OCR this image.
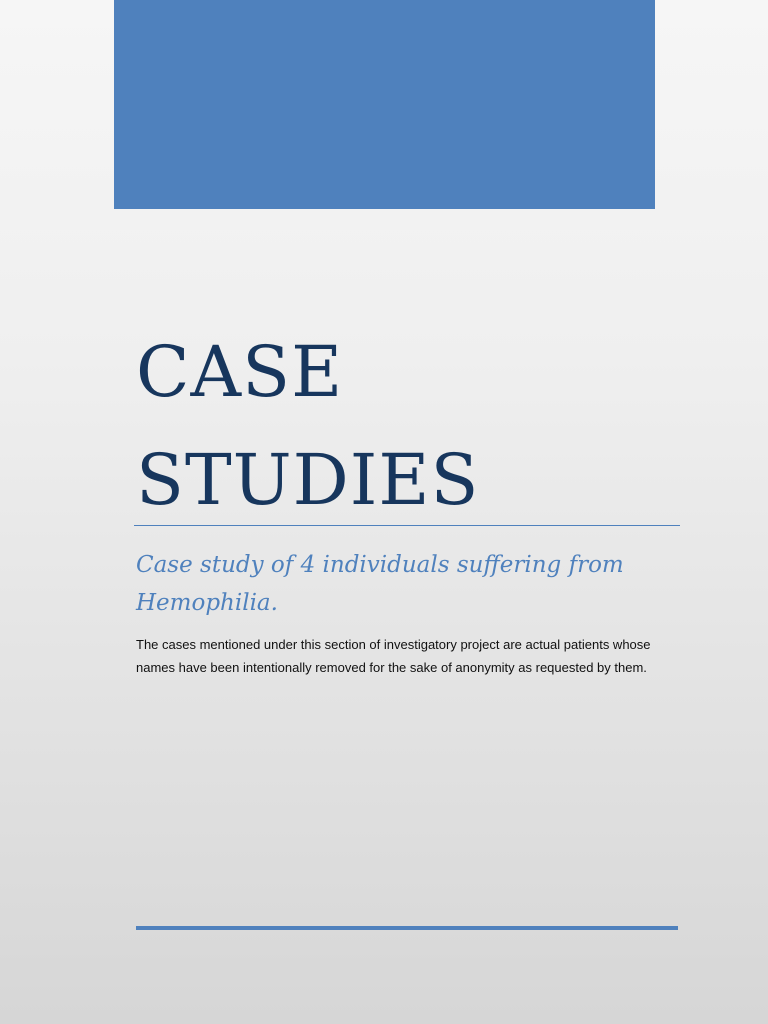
CASE
STUDIES

Case study of 4 individuals suffering from Hemophilia.

The cases mentioned under this section of investigatory project are actual patients whose names have been intentionally removed for the sake of anonymity as requested by them.
